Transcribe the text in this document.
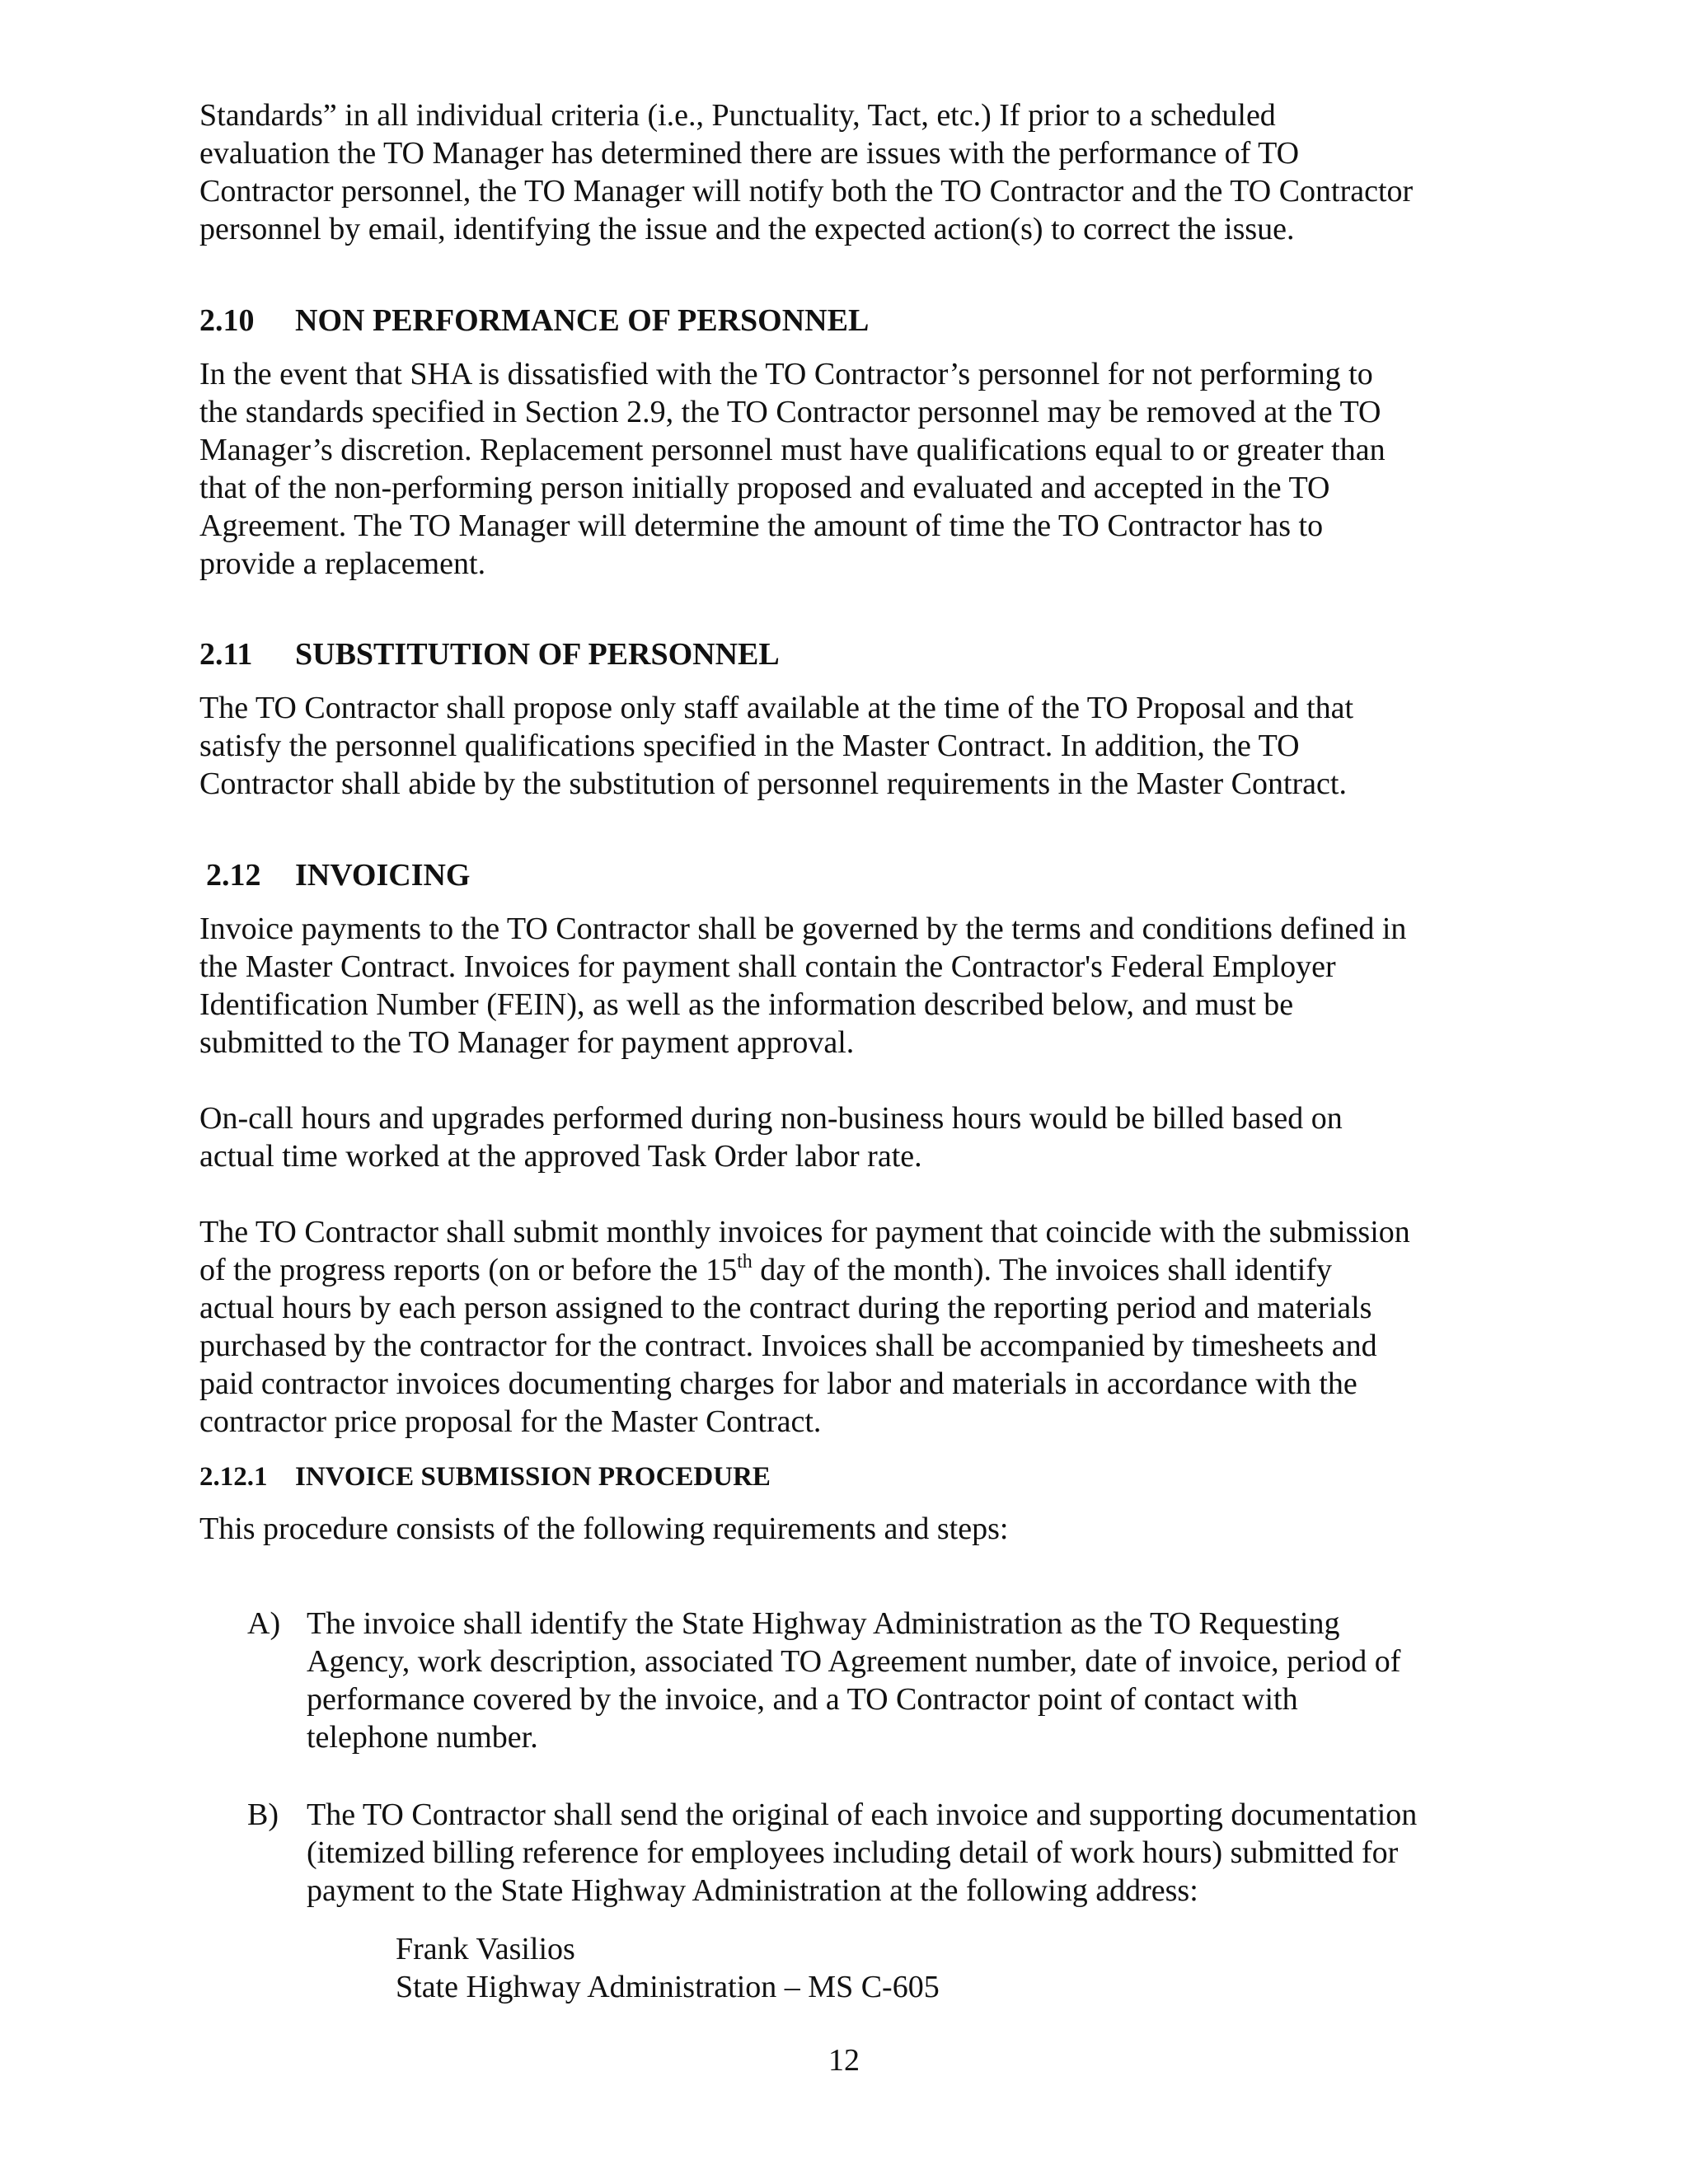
Standards” in all individual criteria (i.e., Punctuality, Tact, etc.) If prior to a scheduled
evaluation the TO Manager has determined there are issues with the performance of TO
Contractor personnel, the TO Manager will notify both the TO Contractor and the TO Contractor
personnel by email, identifying the issue and the expected action(s) to correct the issue.

2.10 NON PERFORMANCE OF PERSONNEL

In the event that SHA is dissatisfied with the TO Contractor’s personnel for not performing to
the standards specified in Section 2.9, the TO Contractor personnel may be removed at the TO
Manager’s discretion. Replacement personnel must have qualifications equal to or greater than
that of the non-performing person initially proposed and evaluated and accepted in the TO
Agreement. The TO Manager will determine the amount of time the TO Contractor has to
provide a replacement.

2.11 SUBSTITUTION OF PERSONNEL

The TO Contractor shall propose only staff available at the time of the TO Proposal and that
satisfy the personnel qualifications specified in the Master Contract. In addition, the TO
Contractor shall abide by the substitution of personnel requirements in the Master Contract.

2.12 INVOICING

Invoice payments to the TO Contractor shall be governed by the terms and conditions defined in
the Master Contract. Invoices for payment shall contain the Contractor's Federal Employer
Identification Number (FEIN), as well as the information described below, and must be
submitted to the TO Manager for payment approval.

On-call hours and upgrades performed during non-business hours would be billed based on
actual time worked at the approved Task Order labor rate.

The TO Contractor shall submit monthly invoices for payment that coincide with the submission
of the progress reports (on or before the 15th day of the month). The invoices shall identify
actual hours by each person assigned to the contract during the reporting period and materials
purchased by the contractor for the contract. Invoices shall be accompanied by timesheets and
paid contractor invoices documenting charges for labor and materials in accordance with the
contractor price proposal for the Master Contract.

2.12.1 INVOICE SUBMISSION PROCEDURE

This procedure consists of the following requirements and steps:

A) The invoice shall identify the State Highway Administration as the TO Requesting
Agency, work description, associated TO Agreement number, date of invoice, period of
performance covered by the invoice, and a TO Contractor point of contact with
telephone number.
B) The TO Contractor shall send the original of each invoice and supporting documentation
(itemized billing reference for employees including detail of work hours) submitted for
payment to the State Highway Administration at the following address:

Frank Vasilios
State Highway Administration – MS C-605

12
